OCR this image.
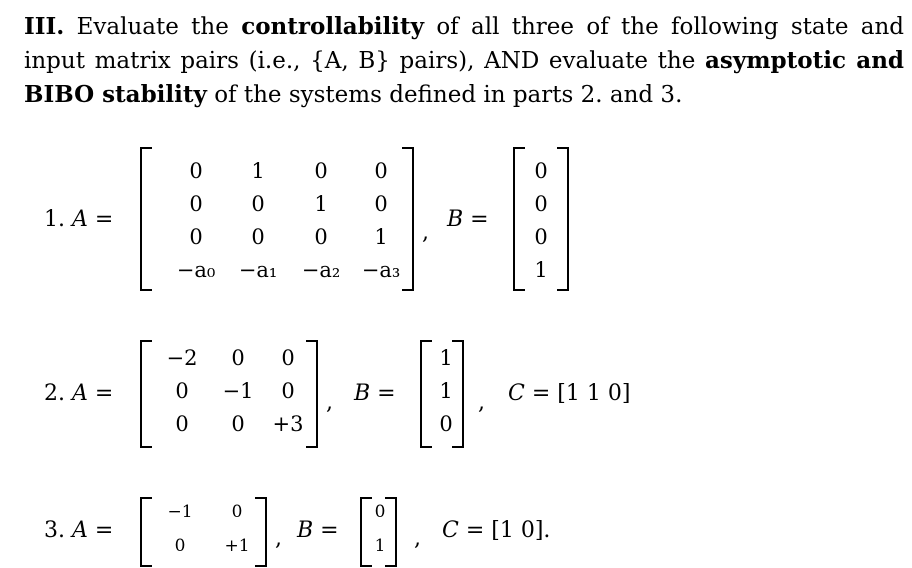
III. Evaluate the controllability of all three of the following state and input matrix pairs (i.e., {A, B} pairs), AND evaluate the asymptotic and BIBO stability of the systems defined in parts 2. and 3.

1. A =
0	1	0	0
0	0	1	0
0	0	0	1
−a₀	−a₁	−a₂	−a₃
,
B =
0
0
0
1
2. A =
−2	0	0
0	−1	0
0	0	+3
, B =
1
1
0
, C = [1 1 0]
3. A =
−1	0
0	+1	, B =
0
1	, C = [1 0].
